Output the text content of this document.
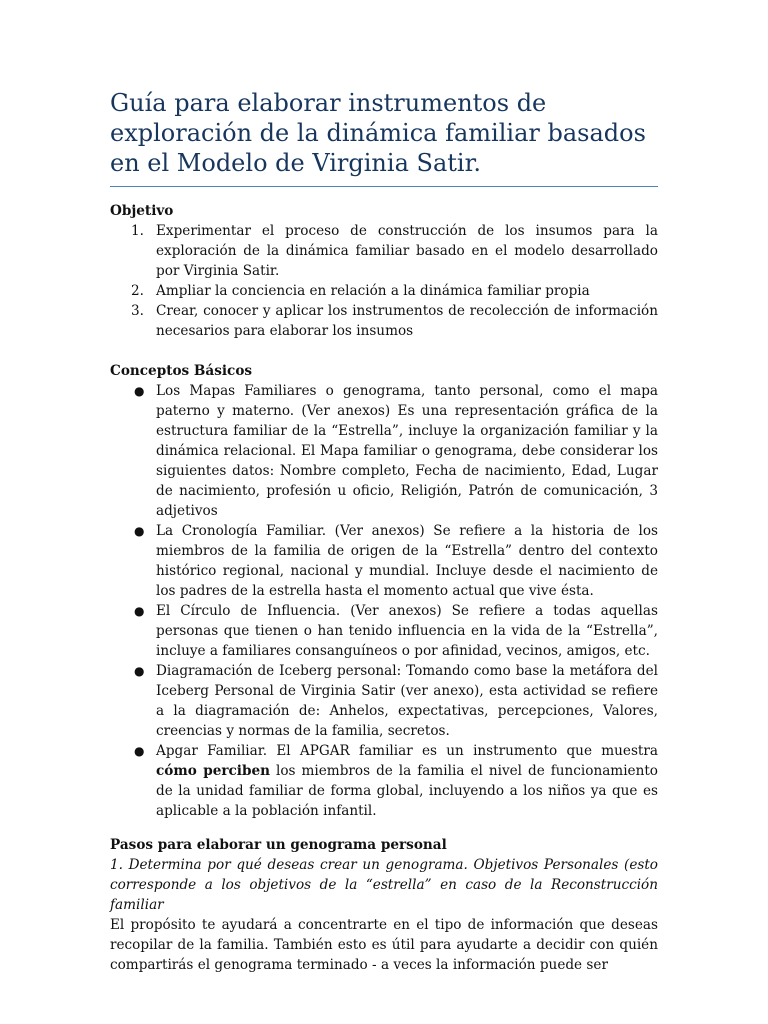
Guía para elaborar instrumentos de exploración de la dinámica familiar basados en el Modelo de Virginia Satir.

Objetivo

1. Experimentar el proceso de construcción de los insumos para la exploración de la dinámica familiar basado en el modelo desarrollado por Virginia Satir.
2. Ampliar la conciencia en relación a la dinámica familiar propia
3. Crear, conocer y aplicar los instrumentos de recolección de información necesarios para elaborar los insumos

Conceptos Básicos

● Los Mapas Familiares o genograma, tanto personal, como el mapa paterno y materno. (Ver anexos) Es una representación gráfica de la estructura familiar de la “Estrella”, incluye la organización familiar y la dinámica relacional. El Mapa familiar o genograma, debe considerar los siguientes datos: Nombre completo, Fecha de nacimiento, Edad, Lugar de nacimiento, profesión u oficio, Religión, Patrón de comunicación, 3 adjetivos
● La Cronología Familiar. (Ver anexos) Se refiere a la historia de los miembros de la familia de origen de la “Estrella” dentro del contexto histórico regional, nacional y mundial. Incluye desde el nacimiento de los padres de la estrella hasta el momento actual que vive ésta.
● El Círculo de Influencia. (Ver anexos) Se refiere a todas aquellas personas que tienen o han tenido influencia en la vida de la “Estrella”, incluye a familiares consanguíneos o por afinidad, vecinos, amigos, etc.
● Diagramación de Iceberg personal: Tomando como base la metáfora del Iceberg Personal de Virginia Satir (ver anexo), esta actividad se refiere a la diagramación de: Anhelos, expectativas, percepciones, Valores, creencias y normas de la familia, secretos.
● Apgar Familiar. El APGAR familiar es un instrumento que muestra cómo perciben los miembros de la familia el nivel de funcionamiento de la unidad familiar de forma global, incluyendo a los niños ya que es aplicable a la población infantil.

Pasos para elaborar un genograma personal

1. Determina por qué deseas crear un genograma. Objetivos Personales (esto corresponde a los objetivos de la “estrella” en caso de la Reconstrucción familiar

El propósito te ayudará a concentrarte en el tipo de información que deseas recopilar de la familia. También esto es útil para ayudarte a decidir con quién compartirás el genograma terminado - a veces la información puede ser
